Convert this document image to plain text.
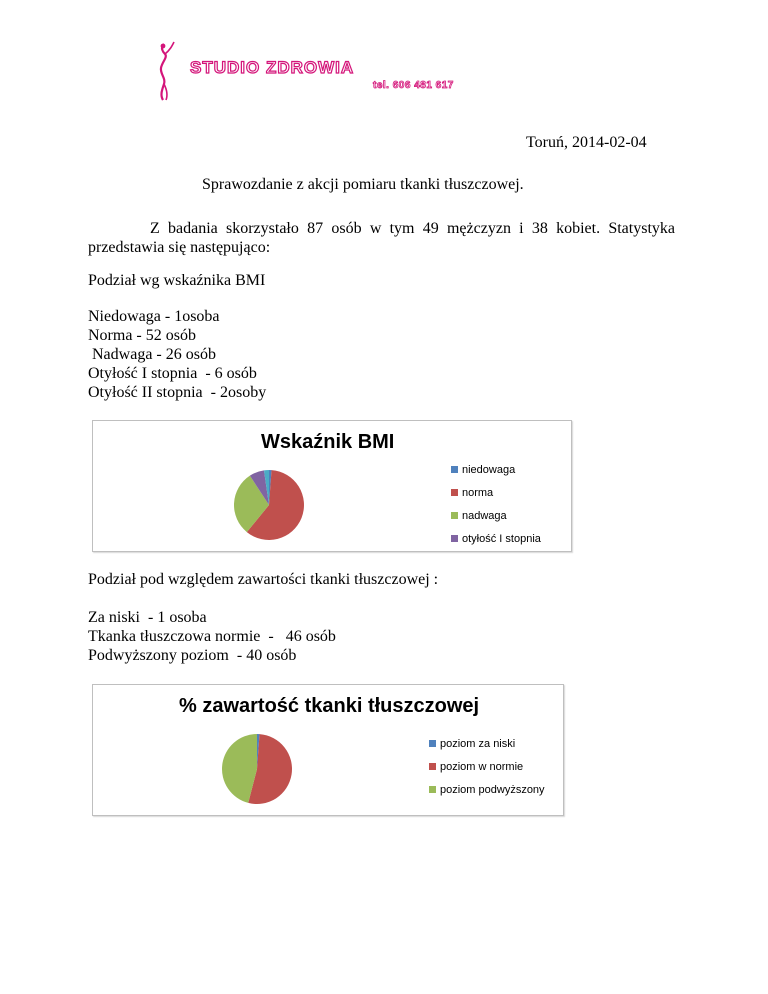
STUDIO ZDROWIA
tel. 606 481 617
Toruń, 2014-02-04
Sprawozdanie z akcji pomiaru tkanki tłuszczowej.
Z badania skorzystało 87 osób w tym 49 mężczyzn i 38 kobiet. Statystyka przedstawia się następująco:
Podział wg wskaźnika BMI
Niedowaga - 1osoba
Norma - 52 osób
Nadwaga - 26 osób
Otyłość I stopnia  - 6 osób
Otyłość II stopnia  - 2osoby
Wskaźnik BMI
niedowaga
norma
nadwaga
otyłość I stopnia
Podział pod względem zawartości tkanki tłuszczowej :
Za niski  - 1 osoba
Tkanka tłuszczowa normie  -   46 osób
Podwyższony poziom  - 40 osób
% zawartość tkanki tłuszczowej
poziom za niski
poziom w normie
poziom podwyższony
